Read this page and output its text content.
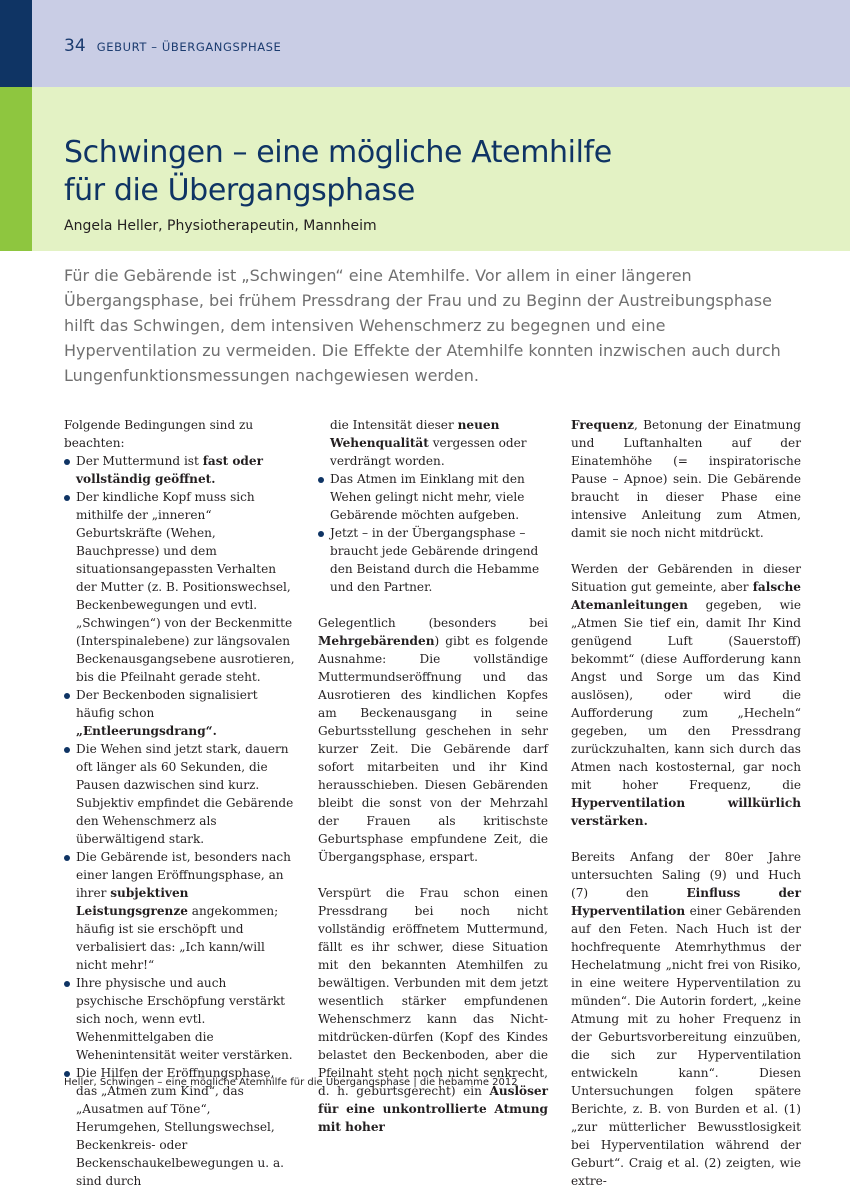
34 GEBURT – ÜBERGANGSPHASE
Schwingen – eine mögliche Atemhilfe
für die Übergangsphase
Angela Heller, Physiotherapeutin, Mannheim
Für die Gebärende ist „Schwingen“ eine Atemhilfe. Vor allem in einer längeren Übergangsphase, bei frühem Pressdrang der Frau und zu Beginn der Austreibungsphase hilft das Schwingen, dem intensiven Wehenschmerz zu begegnen und eine Hyperventilation zu vermeiden. Die Effekte der Atemhilfe konnten inzwischen auch durch Lungenfunktionsmessungen nachgewiesen werden.

Folgende Bedingungen sind zu beachten:

Der Muttermund ist fast oder vollständig geöffnet.
Der kindliche Kopf muss sich mithilfe der „inneren“ Geburtskräfte (Wehen, Bauchpresse) und dem situationsangepassten Verhalten der Mutter (z. B. Positionswechsel, Beckenbewegungen und evtl. „Schwingen“) von der Beckenmitte (Interspinalebene) zur längsovalen Beckenausgangsebene ausrotieren, bis die Pfeilnaht gerade steht.
Der Beckenboden signalisiert häufig schon „Entleerungsdrang“.
Die Wehen sind jetzt stark, dauern oft länger als 60 Sekunden, die Pausen dazwischen sind kurz. Subjektiv empfindet die Gebärende den Wehenschmerz als überwältigend stark.
Die Gebärende ist, besonders nach einer langen Eröffnungsphase, an ihrer subjektiven Leistungsgrenze angekommen; häufig ist sie erschöpft und verbalisiert das: „Ich kann/will nicht mehr!“
Ihre physische und auch psychische Erschöpfung verstärkt sich noch, wenn evtl. Wehenmittelgaben die Wehenintensität weiter verstärken.
Die Hilfen der Eröffnungsphase, das „Atmen zum Kind“, das „Ausatmen auf Töne“, Herumgehen, Stellungswechsel, Beckenkreis- oder Beckenschaukelbewegungen u. a. sind durch

die Intensität dieser neuen Wehenqualität vergessen oder verdrängt worden.

Das Atmen im Einklang mit den Wehen gelingt nicht mehr, viele Gebärende möchten aufgeben.
Jetzt – in der Übergangsphase – braucht jede Gebärende dringend den Beistand durch die Hebamme und den Partner.

Gelegentlich (besonders bei Mehrgebärenden) gibt es folgende Ausnahme: Die vollständige Muttermundseröffnung und das Ausrotieren des kindlichen Kopfes am Beckenausgang in seine Geburtsstellung geschehen in sehr kurzer Zeit. Die Gebärende darf sofort mitarbeiten und ihr Kind herausschieben. Diesen Gebärenden bleibt die sonst von der Mehrzahl der Frauen als kritischste Geburtsphase empfundene Zeit, die Übergangsphase, erspart.

Verspürt die Frau schon einen Pressdrang bei noch nicht vollständig eröffnetem Muttermund, fällt es ihr schwer, diese Situation mit den bekannten Atemhilfen zu bewältigen. Verbunden mit dem jetzt wesentlich stärker empfundenen Wehenschmerz kann das Nicht-mitdrücken-dürfen (Kopf des Kindes belastet den Beckenboden, aber die Pfeilnaht steht noch nicht senkrecht, d. h. geburtsgerecht) ein Auslöser für eine unkontrollierte Atmung mit hoher

Frequenz, Betonung der Einatmung und Luftanhalten auf der Einatemhöhe (= inspiratorische Pause – Apnoe) sein. Die Gebärende braucht in dieser Phase eine intensive Anleitung zum Atmen, damit sie noch nicht mitdrückt.

Werden der Gebärenden in dieser Situation gut gemeinte, aber falsche Atemanleitungen gegeben, wie „Atmen Sie tief ein, damit Ihr Kind genügend Luft (Sauerstoff) bekommt“ (diese Aufforderung kann Angst und Sorge um das Kind auslösen), oder wird die Aufforderung zum „Hecheln“ gegeben, um den Pressdrang zurückzuhalten, kann sich durch das Atmen nach kostosternal, gar noch mit hoher Frequenz, die Hyperventilation willkürlich verstärken.

Bereits Anfang der 80er Jahre untersuchten Saling (9) und Huch (7) den Einfluss der Hyperventilation einer Gebärenden auf den Feten. Nach Huch ist der hochfrequente Atemrhythmus der Hechelatmung „nicht frei von Risiko, in eine weitere Hyperventilation zu münden“. Die Autorin fordert, „keine Atmung mit zu hoher Frequenz in der Geburtsvorbereitung einzuüben, die sich zur Hyperventilation entwickeln kann“. Diesen Untersuchungen folgen spätere Berichte, z. B. von Burden et al. (1) „zur mütterlicher Bewusstlosigkeit bei Hyperventilation während der Geburt“. Craig et al. (2) zeigten, wie extre-

Heller, Schwingen – eine mögliche Atemhilfe für die Übergangsphase | die hebamme 2012
